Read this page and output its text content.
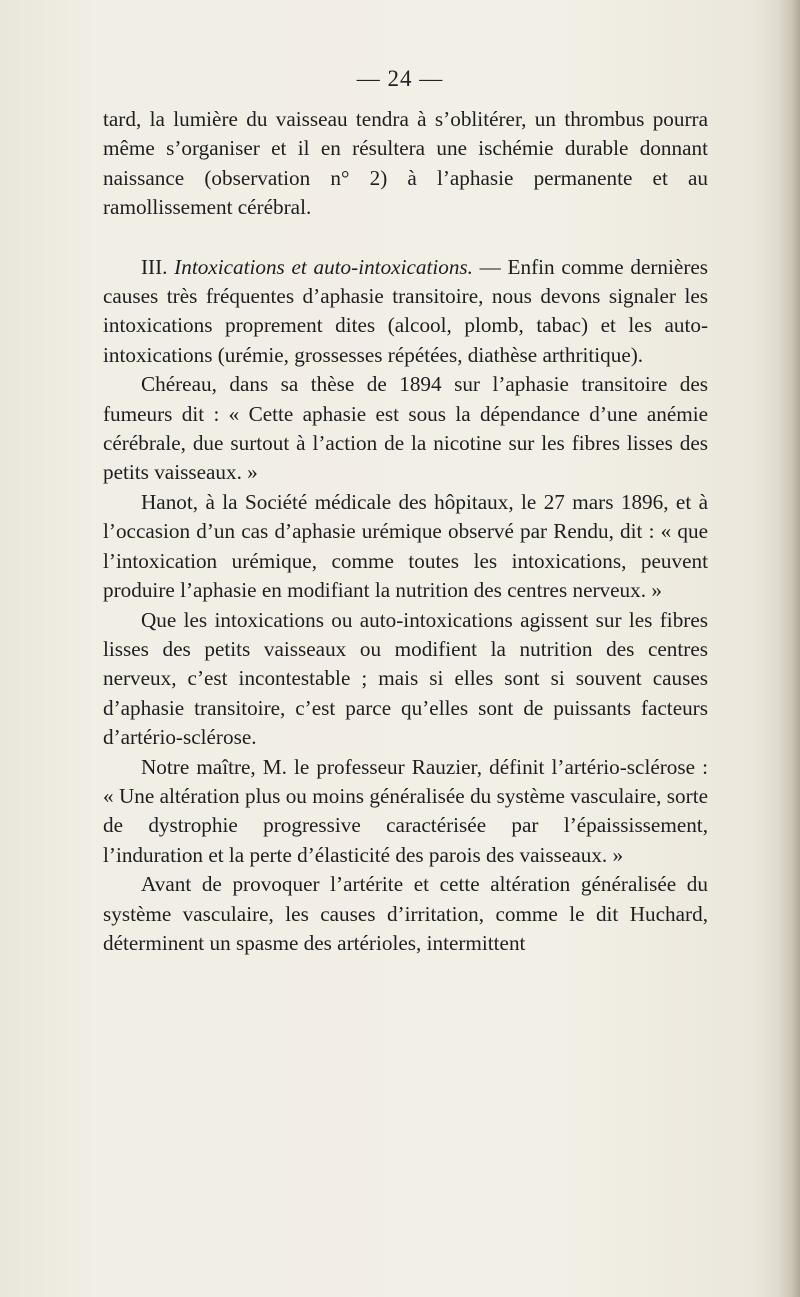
— 24 —

tard, la lumière du vaisseau tendra à s’oblitérer, un thrombus pourra même s’organiser et il en résultera une ischémie durable donnant naissance (observation n° 2) à l’aphasie permanente et au ramollissement cérébral.

III. Intoxications et auto-intoxications. — Enfin comme dernières causes très fréquentes d’aphasie transitoire, nous devons signaler les intoxications proprement dites (alcool, plomb, tabac) et les auto-intoxications (urémie, grossesses répétées, diathèse arthritique).

Chéreau, dans sa thèse de 1894 sur l’aphasie transitoire des fumeurs dit : « Cette aphasie est sous la dépendance d’une anémie cérébrale, due surtout à l’action de la nicotine sur les fibres lisses des petits vaisseaux. »

Hanot, à la Société médicale des hôpitaux, le 27 mars 1896, et à l’occasion d’un cas d’aphasie urémique observé par Rendu, dit : « que l’intoxication urémique, comme toutes les intoxications, peuvent produire l’aphasie en modifiant la nutrition des centres nerveux. »

Que les intoxications ou auto-intoxications agissent sur les fibres lisses des petits vaisseaux ou modifient la nutrition des centres nerveux, c’est incontestable ; mais si elles sont si souvent causes d’aphasie transitoire, c’est parce qu’elles sont de puissants facteurs d’artério-sclérose.

Notre maître, M. le professeur Rauzier, définit l’artério-sclérose : « Une altération plus ou moins généralisée du système vasculaire, sorte de dystrophie progressive caractérisée par l’épaississement, l’induration et la perte d’élasticité des parois des vaisseaux. »

Avant de provoquer l’artérite et cette altération généralisée du système vasculaire, les causes d’irritation, comme le dit Huchard, déterminent un spasme des artérioles, intermittent
